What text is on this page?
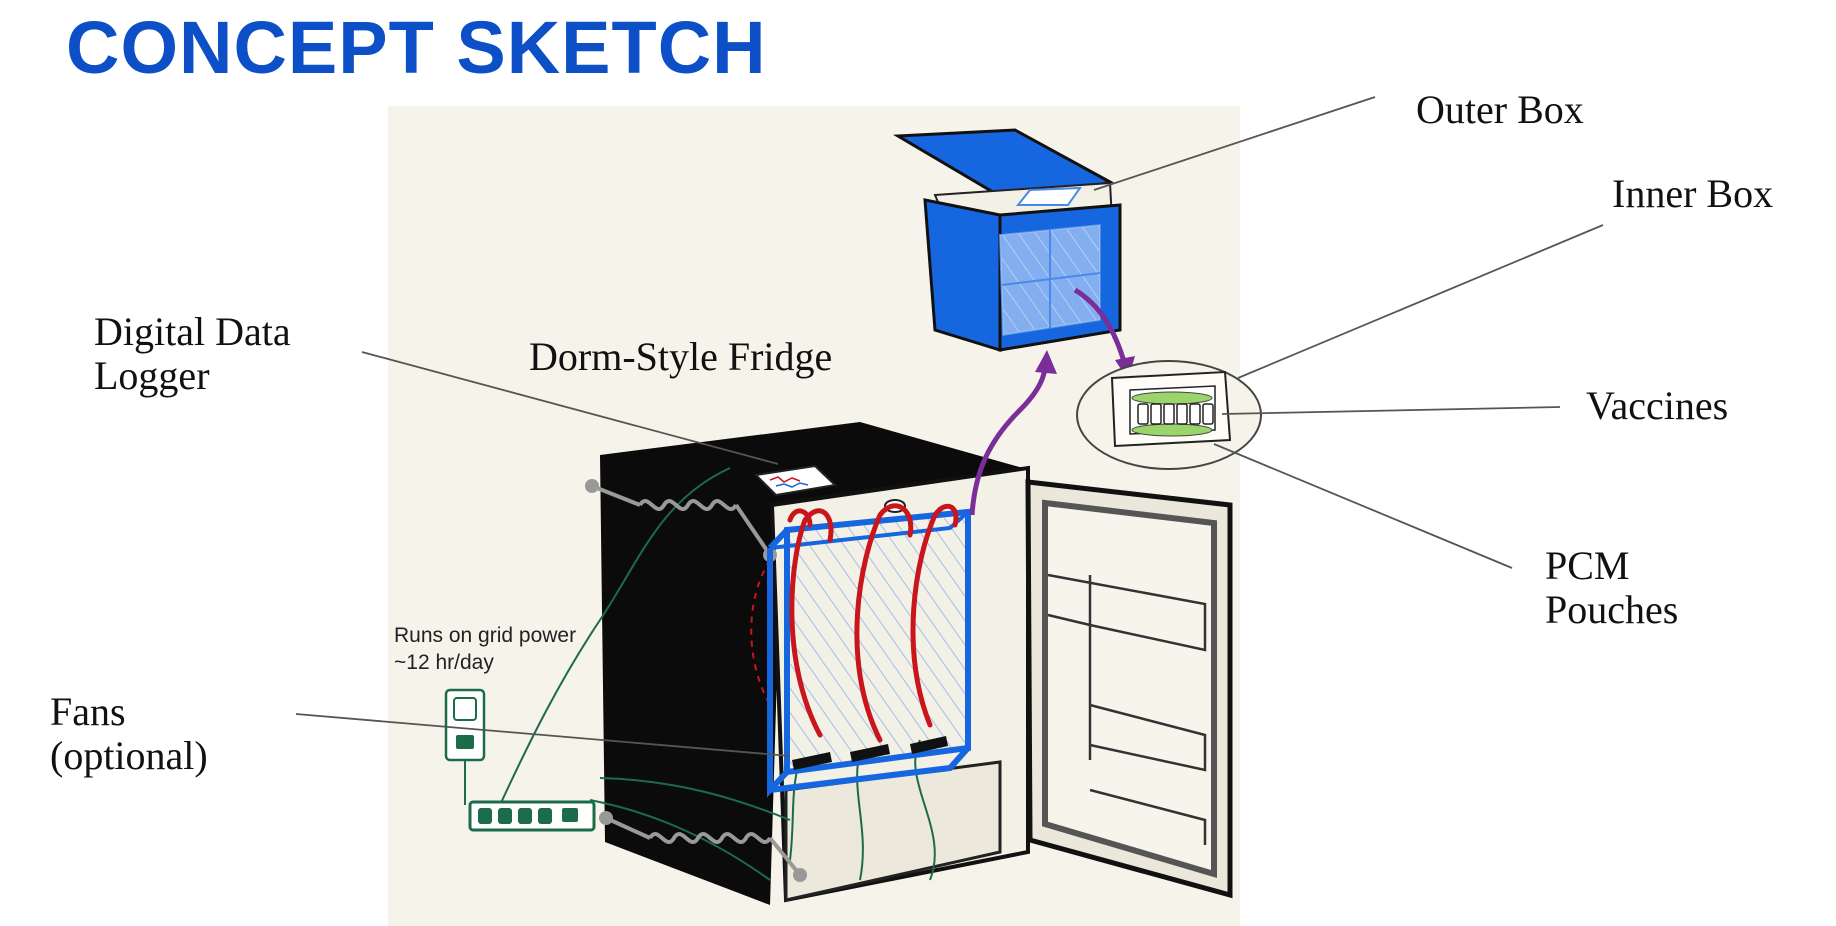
CONCEPT SKETCH
Outer Box
Inner Box
Vaccines
PCM
Pouches
Digital Data
Logger	Dorm-Style Fridge
Fans
(optional)
Runs on grid power
~12 hr/day
